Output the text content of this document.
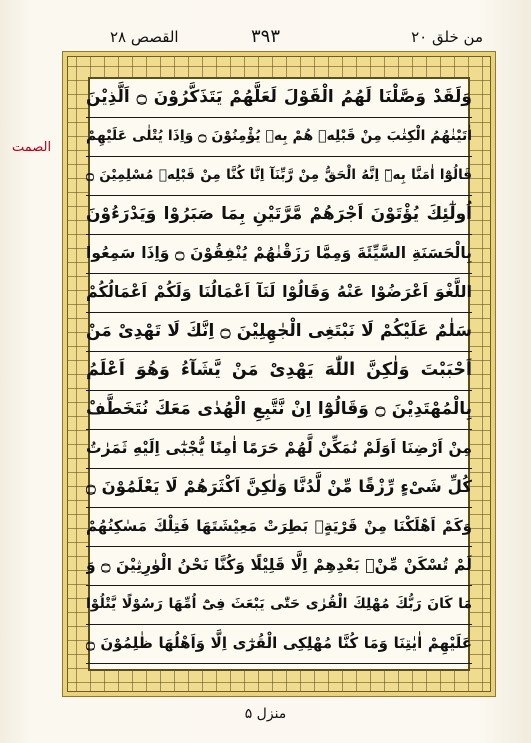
من خلق ٢٠
٣٩٣
القصص ٢٨
الصمت
وَلَقَدْ وَصَّلْنَا لَهُمُ الْقَوْلَ لَعَلَّهُمْ يَتَذَكَّرُوْنَ ۝ اَلَّذِيْنَ
اٰتَيْنٰهُمُ الْكِتٰبَ مِنْ قَبْلِهٖ هُمْ بِهٖ يُؤْمِنُوْنَ ۝ وَاِذَا يُتْلٰى عَلَيْهِمْ
قَالُوْٓا اٰمَنَّا بِهٖٓ اِنَّهُ الْحَقُّ مِنْ رَّبِّنَآ اِنَّا كُنَّا مِنْ قَبْلِهٖ مُسْلِمِيْنَ ۝
اُولٰٓئِكَ يُؤْتَوْنَ اَجْرَهُمْ مَّرَّتَيْنِ بِمَا صَبَرُوْا وَيَدْرَءُوْنَ
بِالْحَسَنَةِ السَّيِّئَةَ وَمِمَّا رَزَقْنٰهُمْ يُنْفِقُوْنَ ۝ وَاِذَا سَمِعُوا
اللَّغْوَ اَعْرَضُوْا عَنْهُ وَقَالُوْا لَنَآ اَعْمَالُنَا وَلَكُمْ اَعْمَالُكُمْ
سَلٰمٌ عَلَيْكُمْ لَا نَبْتَغِى الْجٰهِلِيْنَ ۝ اِنَّكَ لَا تَهْدِىْ مَنْ
اَحْبَبْتَ وَلٰكِنَّ اللّٰهَ يَهْدِىْ مَنْ يَّشَآءُ وَهُوَ اَعْلَمُ
بِالْمُهْتَدِيْنَ ۝ وَقَالُوْٓا اِنْ نَّتَّبِعِ الْهُدٰى مَعَكَ نُتَخَطَّفْ
مِنْ اَرْضِنَا اَوَلَمْ نُمَكِّنْ لَّهُمْ حَرَمًا اٰمِنًا يُّجْبٰٓى اِلَيْهِ ثَمَرٰتُ
كُلِّ شَىْءٍ رِّزْقًا مِّنْ لَّدُنَّا وَلٰكِنَّ اَكْثَرَهُمْ لَا يَعْلَمُوْنَ ۝
وَكَمْ اَهْلَكْنَا مِنْ قَرْيَةٍۢ بَطِرَتْ مَعِيْشَتَهَا فَتِلْكَ مَسٰكِنُهُمْ
لَمْ تُسْكَنْ مِّنْۢ بَعْدِهِمْ اِلَّا قَلِيْلًا وَكُنَّا نَحْنُ الْوٰرِثِيْنَ ۝ وَ
مَا كَانَ رَبُّكَ مُهْلِكَ الْقُرٰى حَتّٰى يَبْعَثَ فِىْٓ اُمِّهَا رَسُوْلًا يَّتْلُوْا
عَلَيْهِمْ اٰيٰتِنَا وَمَا كُنَّا مُهْلِكِى الْقُرٰٓى اِلَّا وَاَهْلُهَا ظٰلِمُوْنَ ۝
منزل ۵
